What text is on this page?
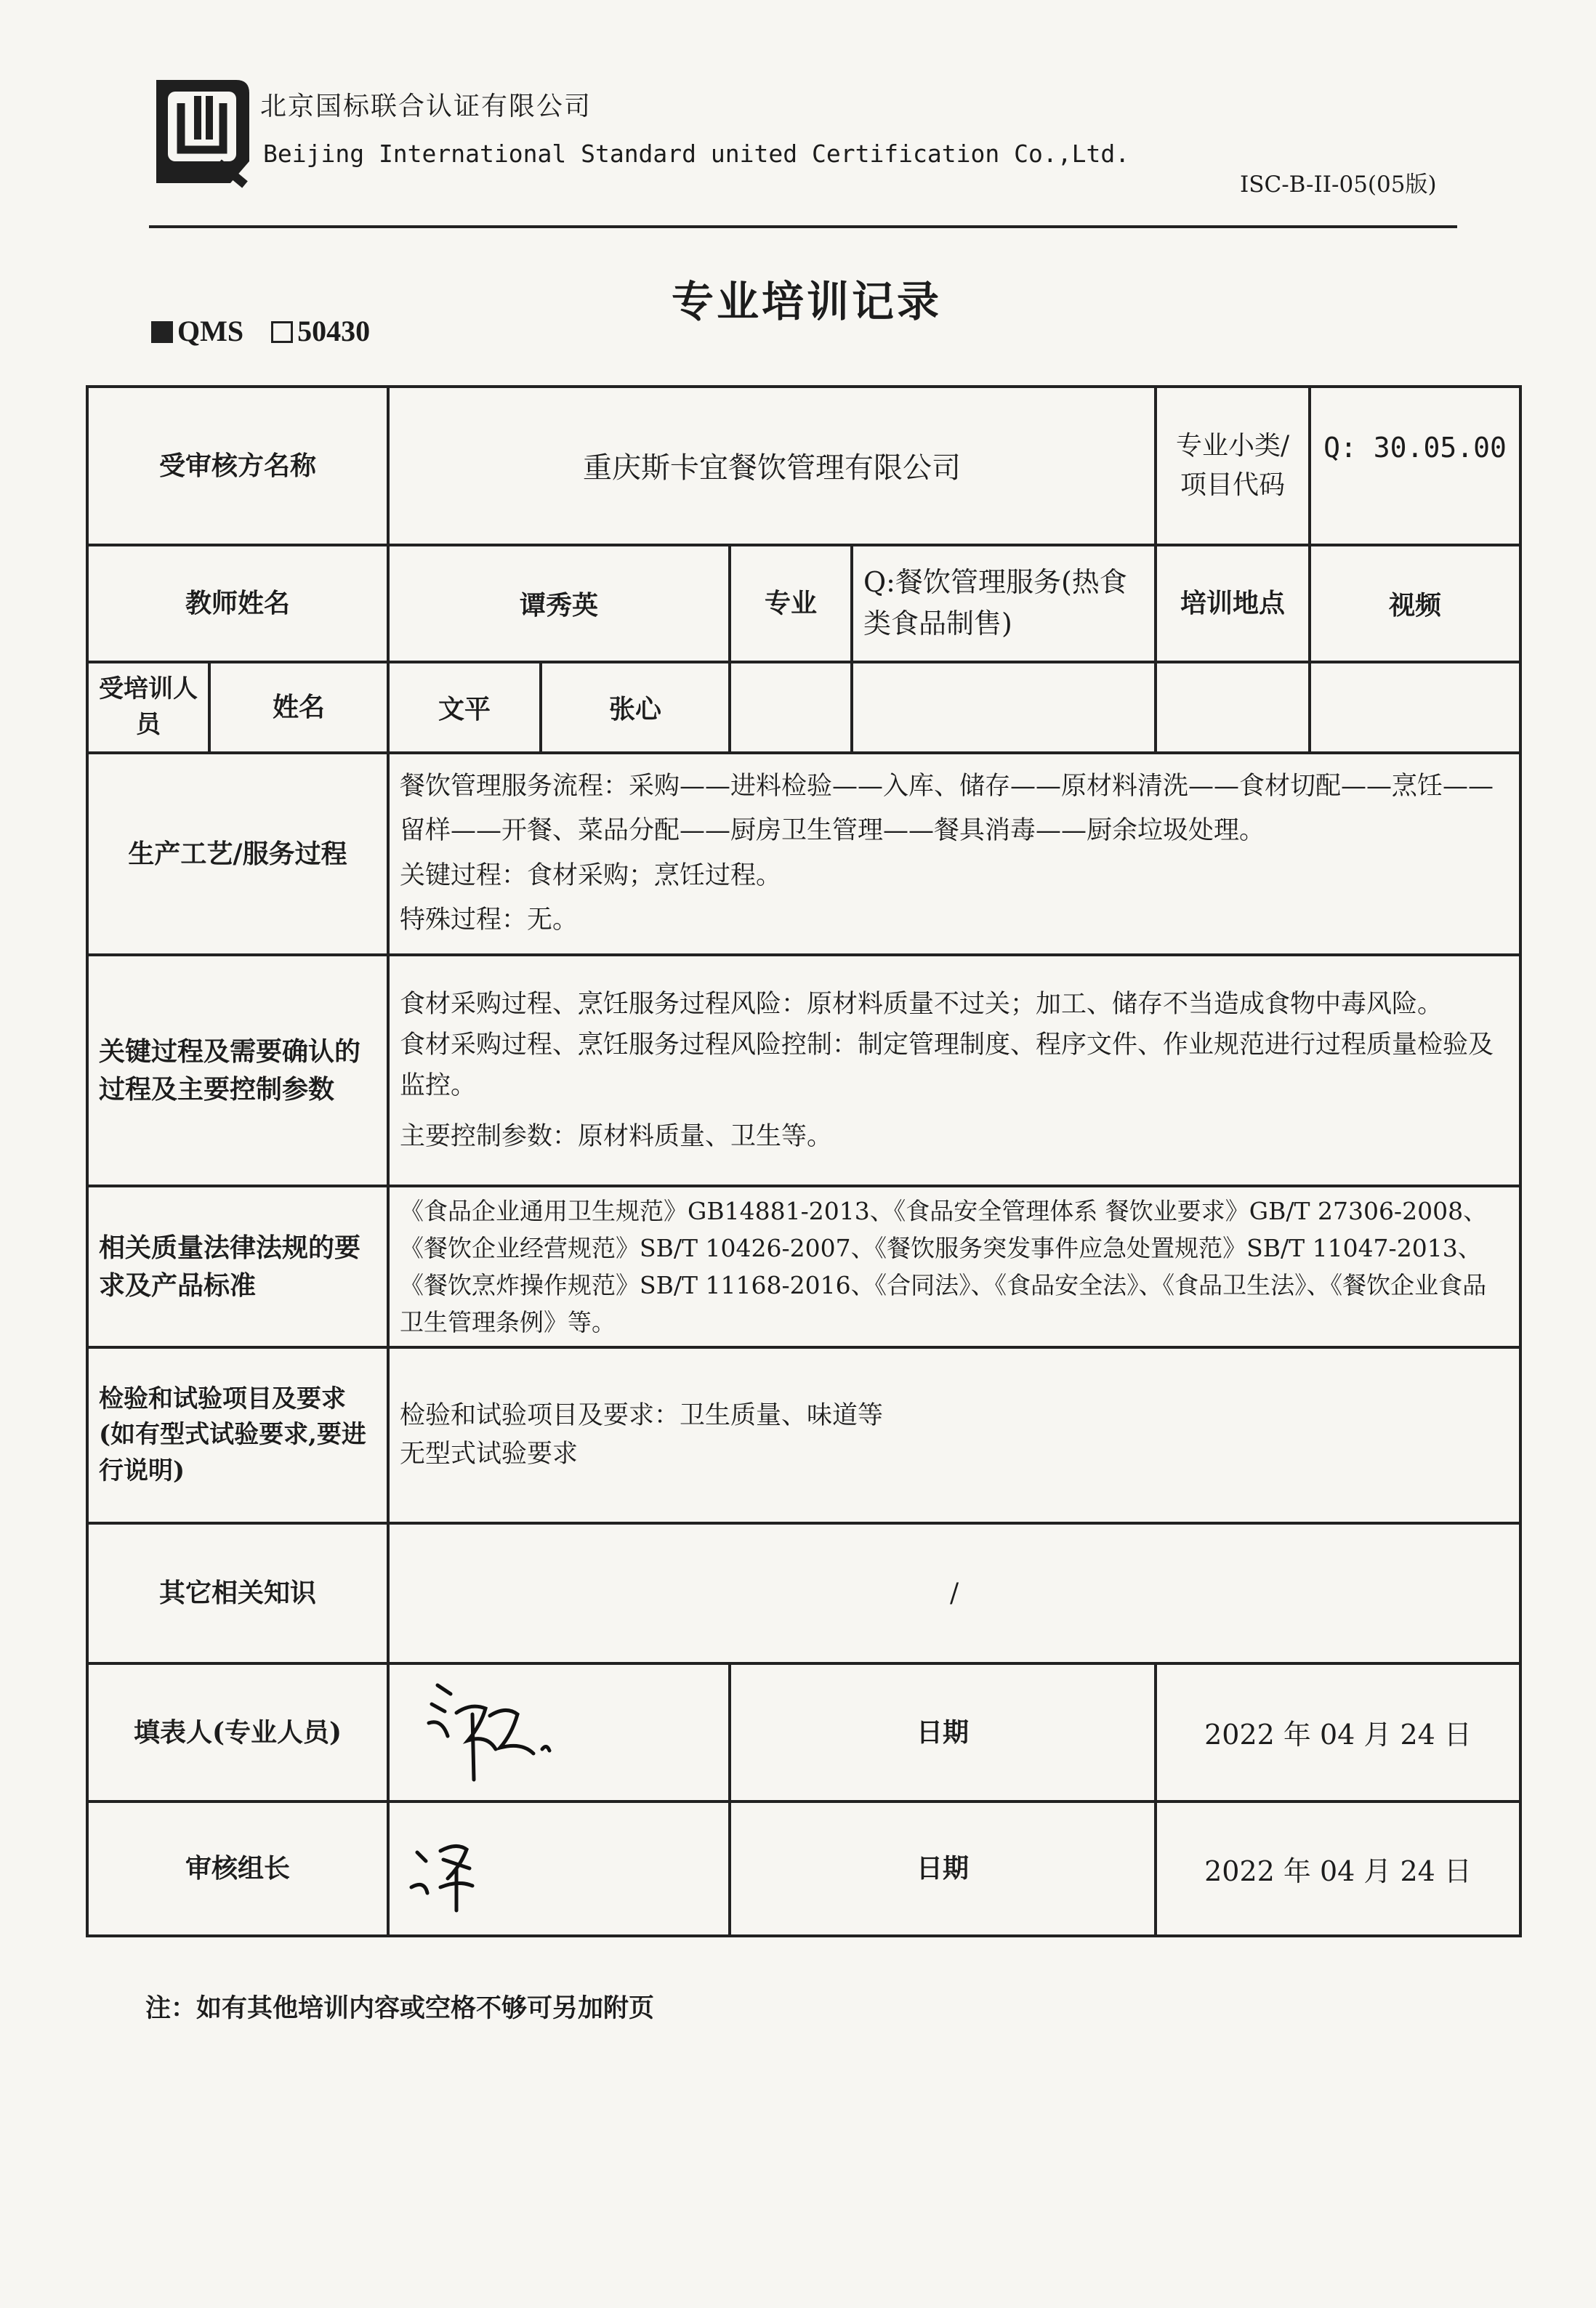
北京国标联合认证有限公司
Beijing International Standard united Certification Co.,Ltd.
ISC-B-II-05(05版)
专业培训记录
QMS 50430
受审核方名称		重庆斯卡宜餐饮管理有限公司				专业小类/项目代码	Q: 30.05.00
教师姓名		谭秀英		专业	Q:餐饮管理服务(热食类食品制售)	培训地点	视频
受培训人员	姓名	文平	张心				
生产工艺/服务过程		餐饮管理服务流程：采购——进料检验——入库、储存——原材料清洗——食材切配——烹饪——留样——开餐、菜品分配——厨房卫生管理——餐具消毒——厨余垃圾处理。

关键过程：食材采购；烹饪过程。

特殊过程：无。					

关键过程及需要确认的过程及主要控制参数		食材采购过程、烹饪服务过程风险：原材料质量不过关；加工、储存不当造成食物中毒风险。

食材采购过程、烹饪服务过程风险控制：制定管理制度、程序文件、作业规范进行过程质量检验及监控。

主要控制参数：原材料质量、卫生等。					

相关质量法律法规的要求及产品标准		《食品企业通用卫生规范》GB14881-2013、《食品安全管理体系 餐饮业要求》GB/T 27306-2008、《餐饮企业经营规范》SB/T 10426-2007、《餐饮服务突发事件应急处置规范》SB/T 11047-2013、《餐饮烹炸操作规范》SB/T 11168-2016、《合同法》、《食品安全法》、《食品卫生法》、《餐饮企业食品卫生管理条例》等。					
检验和试验项目及要求(如有型式试验要求,要进行说明)		检验和试验项目及要求：卫生质量、味道等

无型式试验要求					

其它相关知识		/					
填表人(专业人员)				日期		2022 年 04 月 24 日	
审核组长				日期		2022 年 04 月 24 日	
注：如有其他培训内容或空格不够可另加附页
